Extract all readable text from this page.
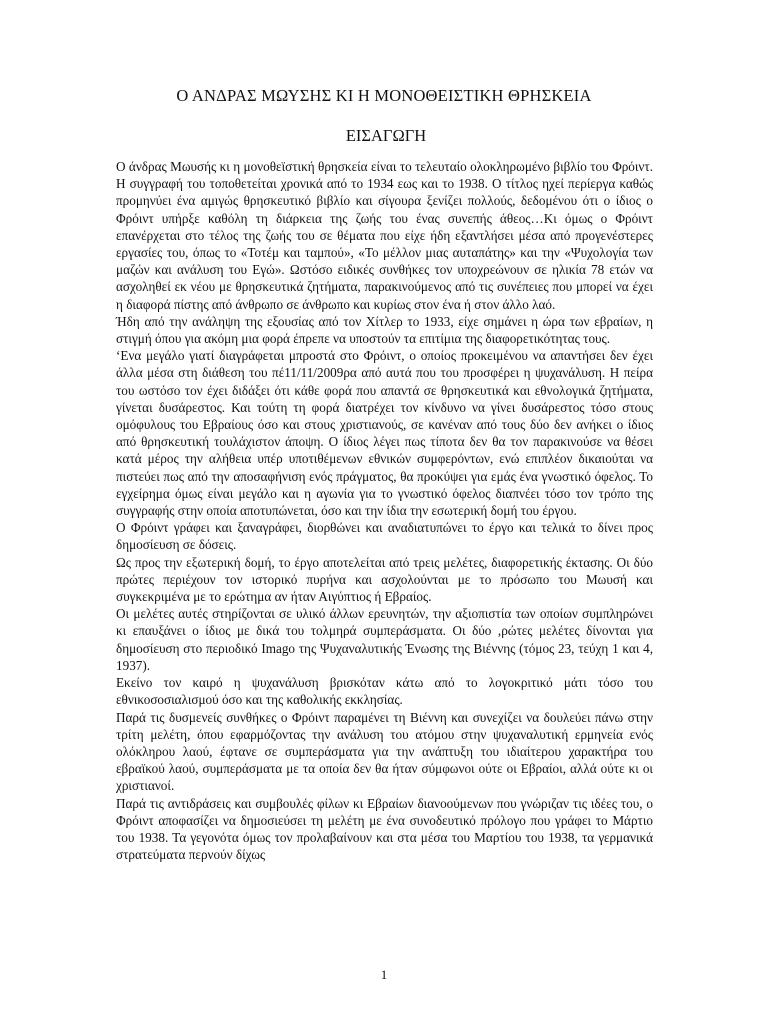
Ο ΑΝΔΡΑΣ ΜΩΥΣΗΣ ΚΙ Η ΜΟΝΟΘΕΙΣΤΙΚΗ ΘΡΗΣΚΕΙΑ
ΕΙΣΑΓΩΓΗ

Ο άνδρας Μωυσής κι η μονοθεϊστική θρησκεία είναι το τελευταίο ολοκληρωμένο βιβλίο του Φρόιντ. Η συγγραφή του τοποθετείται χρονικά από το 1934 εως και το 1938. Ο τίτλος ηχεί περίεργα καθώς προμηνύει ένα αμιγώς θρησκευτικό βιβλίο και σίγουρα ξενίζει πολλούς, δεδομένου ότι ο ίδιος ο Φρόιντ υπήρξε καθόλη τη διάρκεια της ζωής του ένας συνεπής άθεος…Κι όμως ο Φρόιντ επανέρχεται στο τέλος της ζωής του σε θέματα που είχε ήδη εξαντλήσει μέσα από προγενέστερες εργασίες του, όπως το «Τοτέμ και ταμπού», «Το μέλλον μιας αυταπάτης» και την «Ψυχολογία των μαζών και ανάλυση του Εγώ». Ωστόσο ειδικές συνθήκες τον υποχρεώνουν σε ηλικία 78 ετών να ασχοληθεί εκ νέου με θρησκευτικά ζητήματα, παρακινούμενος από τις συνέπειες που μπορεί να έχει η διαφορά πίστης από άνθρωπο σε άνθρωπο και κυρίως στον ένα ή στον άλλο λαό.

Ήδη από την ανάληψη της εξουσίας από τον Χίτλερ το 1933, είχε σημάνει η ώρα των εβραίων, η στιγμή όπου για ακόμη μια φορά έπρεπε να υποστούν τα επιτίμια της διαφορετικότητας τους.

‘Ενα μεγάλο γιατί διαγράφεται μπροστά στο Φρόιντ, ο οποίος προκειμένου να απαντήσει δεν έχει άλλα μέσα στη διάθεση του πέ11/11/2009ρα από αυτά που του προσφέρει η ψυχανάλυση. Η πείρα του ωστόσο τον έχει διδάξει ότι κάθε φορά που απαντά σε θρησκευτικά και εθνολογικά ζητήματα, γίνεται δυσάρεστος. Και τούτη τη φορά διατρέχει τον κίνδυνο να γίνει δυσάρεστος τόσο στους ομόφυλους του Εβραίους όσο και στους χριστιανούς, σε κανέναν από τους δύο δεν ανήκει ο ίδιος από θρησκευτική τουλάχιστον άποψη. Ο ίδιος λέγει πως τίποτα δεν θα τον παρακινούσε να θέσει κατά μέρος την αλήθεια υπέρ υποτιθέμενων εθνικών συμφερόντων, ενώ επιπλέον δικαιούται να πιστεύει πως από την αποσαφήνιση ενός πράγματος, θα προκύψει για εμάς ένα γνωστικό όφελος. Το εγχείρημα όμως είναι μεγάλο και η αγωνία για το γνωστικό όφελος διαπνέει τόσο τον τρόπο της συγγραφής στην οποία αποτυπώνεται, όσο και την ίδια την εσωτερική δομή του έργου.

Ο Φρόιντ γράφει και ξαναγράφει, διορθώνει και αναδιατυπώνει το έργο και τελικά το δίνει προς δημοσίευση σε δόσεις.

Ως προς την εξωτερική δομή, το έργο αποτελείται από τρεις μελέτες, διαφορετικής έκτασης. Οι δύο πρώτες περιέχουν τον ιστορικό πυρήνα και ασχολούνται με το πρόσωπο του Μωυσή και συγκεκριμένα με το ερώτημα αν ήταν Αιγύπτιος ή Εβραίος.

Οι μελέτες αυτές στηρίζονται σε υλικό άλλων ερευνητών, την αξιοπιστία των οποίων συμπληρώνει κι επαυξάνει ο ίδιος με δικά του τολμηρά συμπεράσματα. Οι δύο ,ρώτες μελέτες δίνονται για δημοσίευση στο περιοδικό Imago της Ψυχαναλυτικής Ένωσης της Βιέννης (τόμος 23, τεύχη 1 και 4, 1937).

Εκείνο τον καιρό η ψυχανάλυση βρισκόταν κάτω από το λογοκριτικό μάτι τόσο του εθνικοσοσιαλισμού όσο και της καθολικής εκκλησίας.

Παρά τις δυσμενείς συνθήκες ο Φρόιντ παραμένει τη Βιέννη και συνεχίζει να δουλεύει πάνω στην τρίτη μελέτη, όπου εφαρμόζοντας την ανάλυση του ατόμου στην ψυχαναλυτική ερμηνεία ενός ολόκληρου λαού, έφτανε σε συμπεράσματα για την ανάπτυξη του ιδιαίτερου χαρακτήρα του εβραϊκού λαού, συμπεράσματα με τα οποία δεν θα ήταν σύμφωνοι ούτε οι Εβραίοι, αλλά ούτε κι οι χριστιανοί.

Παρά τις αντιδράσεις και συμβουλές φίλων κι Εβραίων διανοούμενων που γνώριζαν τις ιδέες του, ο Φρόιντ αποφασίζει να δημοσιεύσει τη μελέτη με ένα συνοδευτικό πρόλογο που γράφει το Μάρτιο του 1938. Τα γεγονότα όμως τον προλαβαίνουν και στα μέσα του Μαρτίου του 1938, τα γερμανικά στρατεύματα περνούν δίχως

1
